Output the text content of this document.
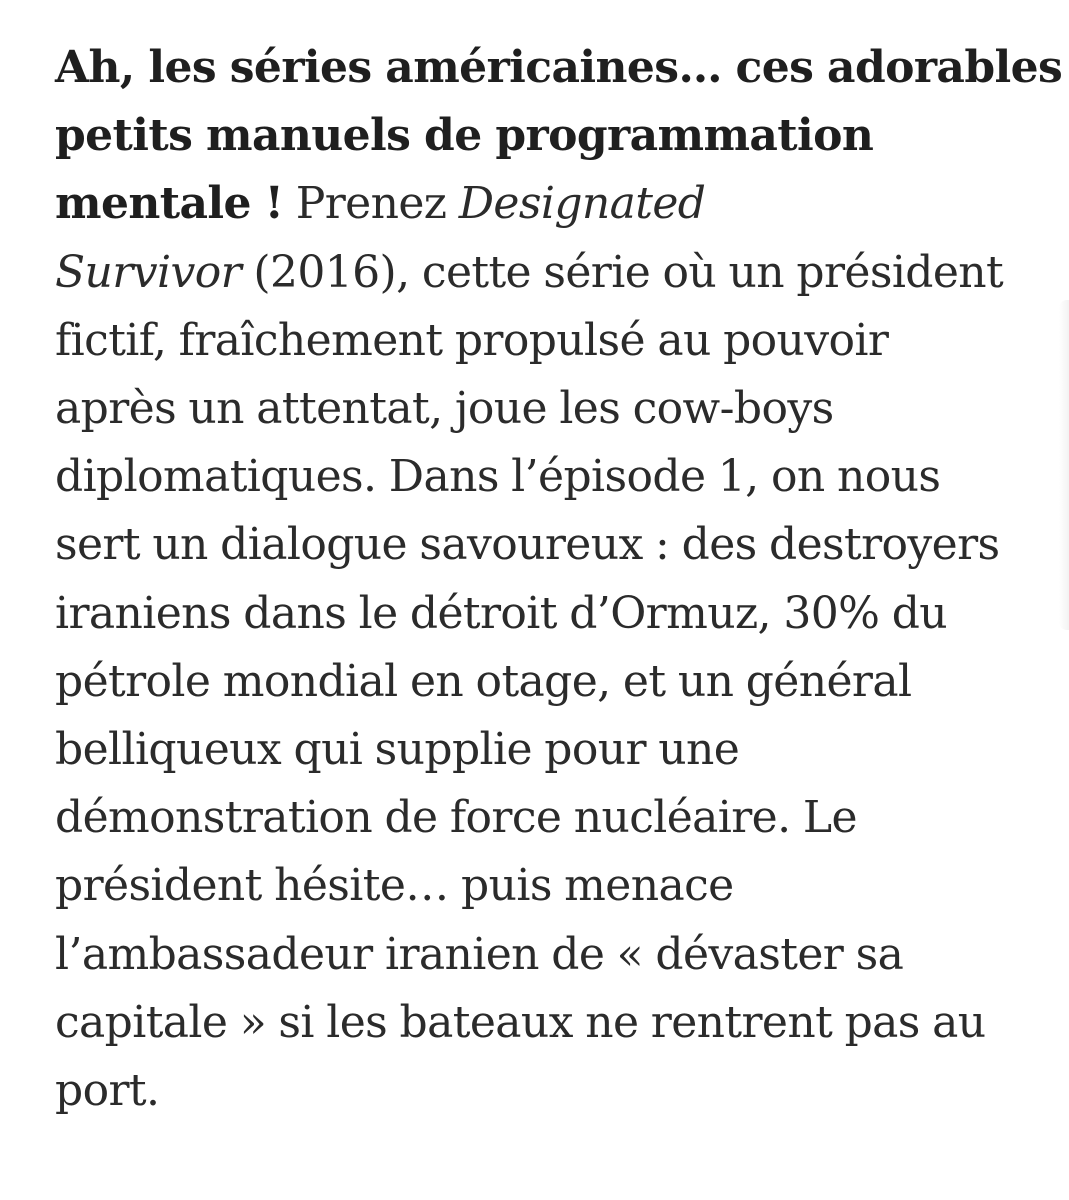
Ah, les séries américaines… ces adorables
petits manuels de programmation
mentale ! Prenez Designated
Survivor (2016), cette série où un président
fictif, fraîchement propulsé au pouvoir
après un attentat, joue les cow-boys
diplomatiques. Dans l’épisode 1, on nous
sert un dialogue savoureux : des destroyers
iraniens dans le détroit d’Ormuz, 30% du
pétrole mondial en otage, et un général
belliqueux qui supplie pour une
démonstration de force nucléaire. Le
président hésite… puis menace
l’ambassadeur iranien de « dévaster sa
capitale » si les bateaux ne rentrent pas au
port.
